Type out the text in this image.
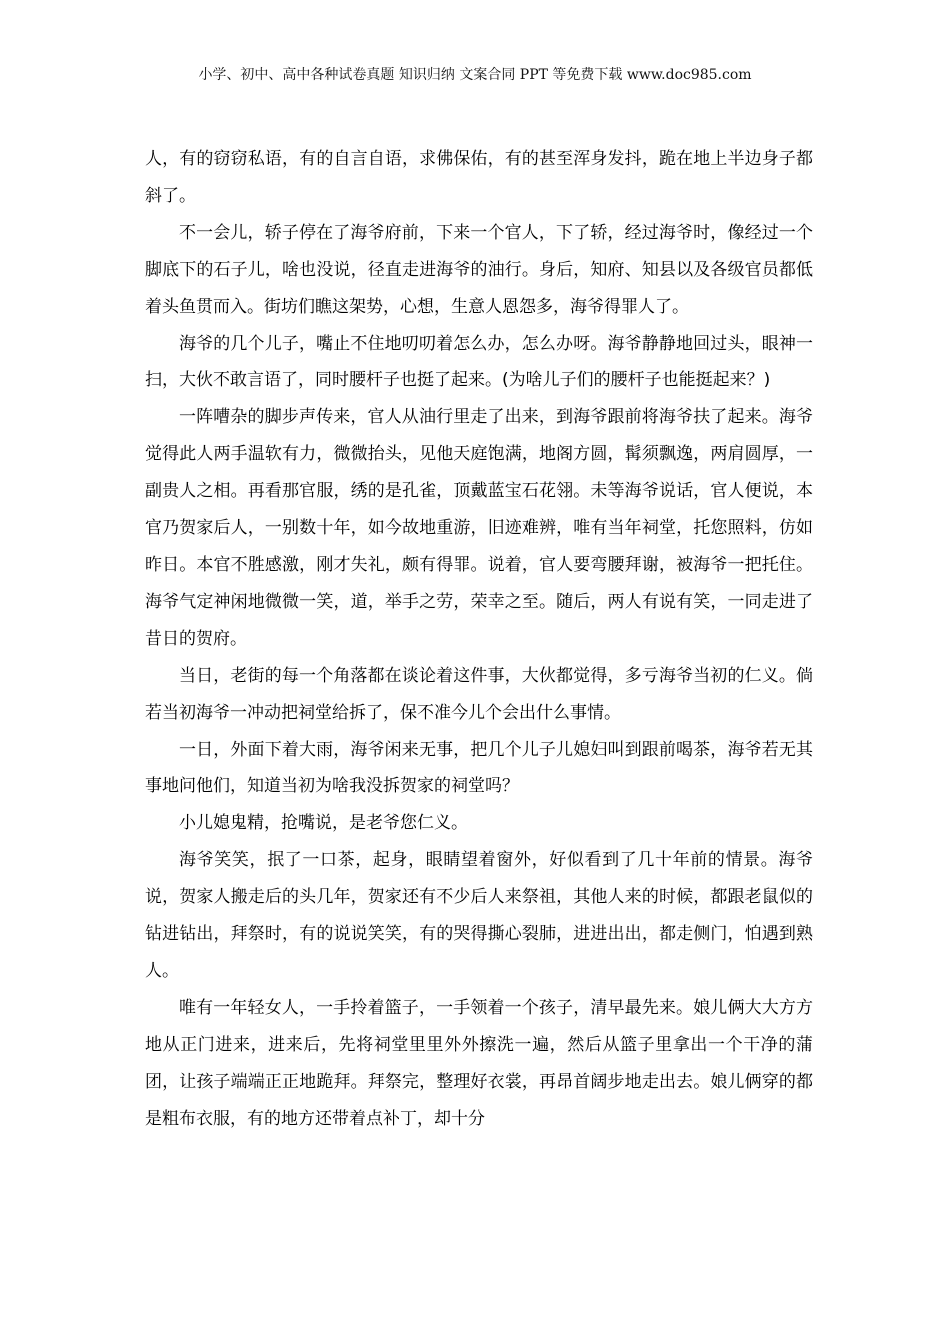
小学、初中、高中各种试卷真题 知识归纳 文案合同 PPT 等免费下载 www.doc985.com

人，有的窃窃私语，有的自言自语，求佛保佑，有的甚至浑身发抖，跪在地上半边身子都斜了。

不一会儿，轿子停在了海爷府前，下来一个官人，下了轿，经过海爷时，像经过一个脚底下的石子儿，啥也没说，径直走进海爷的油行。身后，知府、知县以及各级官员都低着头鱼贯而入。街坊们瞧这架势，心想，生意人恩怨多，海爷得罪人了。

海爷的几个儿子，嘴止不住地叨叨着怎么办，怎么办呀。海爷静静地回过头，眼神一扫，大伙不敢言语了，同时腰杆子也挺了起来。(为啥儿子们的腰杆子也能挺起来？)

一阵嘈杂的脚步声传来，官人从油行里走了出来，到海爷跟前将海爷扶了起来。海爷觉得此人两手温软有力，微微抬头，见他天庭饱满，地阁方圆，髯须飘逸，两肩圆厚，一副贵人之相。再看那官服，绣的是孔雀，顶戴蓝宝石花翎。未等海爷说话，官人便说，本官乃贺家后人，一别数十年，如今故地重游，旧迹难辨，唯有当年祠堂，托您照料，仿如昨日。本官不胜感激，刚才失礼，颇有得罪。说着，官人要弯腰拜谢，被海爷一把托住。海爷气定神闲地微微一笑，道，举手之劳，荣幸之至。随后，两人有说有笑，一同走进了昔日的贺府。

当日，老街的每一个角落都在谈论着这件事，大伙都觉得，多亏海爷当初的仁义。倘若当初海爷一冲动把祠堂给拆了，保不准今儿个会出什么事情。

一日，外面下着大雨，海爷闲来无事，把几个儿子儿媳妇叫到跟前喝茶，海爷若无其事地问他们，知道当初为啥我没拆贺家的祠堂吗？

小儿媳鬼精，抢嘴说，是老爷您仁义。

海爷笑笑，抿了一口茶，起身，眼睛望着窗外，好似看到了几十年前的情景。海爷说，贺家人搬走后的头几年，贺家还有不少后人来祭祖，其他人来的时候，都跟老鼠似的钻进钻出，拜祭时，有的说说笑笑，有的哭得撕心裂肺，进进出出，都走侧门，怕遇到熟人。

唯有一年轻女人，一手拎着篮子，一手领着一个孩子，清早最先来。娘儿俩大大方方地从正门进来，进来后，先将祠堂里里外外擦洗一遍，然后从篮子里拿出一个干净的蒲团，让孩子端端正正地跪拜。拜祭完，整理好衣裳，再昂首阔步地走出去。娘儿俩穿的都是粗布衣服，有的地方还带着点补丁，却十分
